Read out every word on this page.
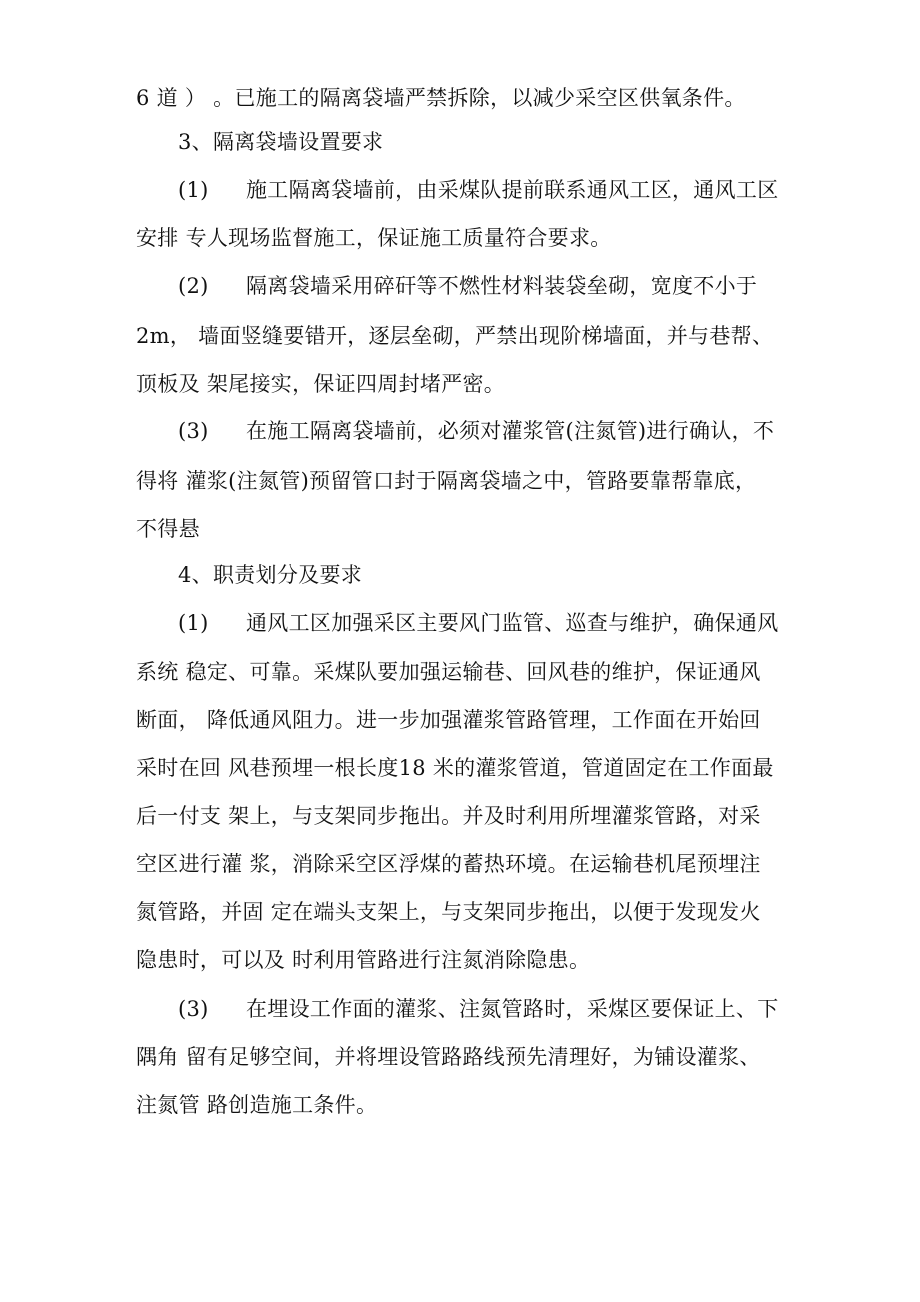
6 道 ） 。已施工的隔离袋墙严禁拆除，以减少采空区供氧条件。
3、隔离袋墙设置要求
(1) 施工隔离袋墙前，由采煤队提前联系通风工区，通风工区
安排 专人现场监督施工，保证施工质量符合要求。
(2) 隔离袋墙采用碎矸等不燃性材料装袋垒砌，宽度不小于
2m， 墙面竖缝要错开，逐层垒砌，严禁出现阶梯墙面，并与巷帮、
顶板及 架尾接实，保证四周封堵严密。
(3) 在施工隔离袋墙前，必须对灌浆管(注氮管)进行确认，不
得将 灌浆(注氮管)预留管口封于隔离袋墙之中，管路要靠帮靠底，
不得悬
4、职责划分及要求
(1) 通风工区加强采区主要风门监管、巡查与维护，确保通风
系统 稳定、可靠。采煤队要加强运输巷、回风巷的维护，保证通风
断面， 降低通风阻力。进一步加强灌浆管路管理，工作面在开始回
采时在回 风巷预埋一根长度18 米的灌浆管道，管道固定在工作面最
后一付支 架上，与支架同步拖出。并及时利用所埋灌浆管路，对采
空区进行灌 浆，消除采空区浮煤的蓄热环境。在运输巷机尾预埋注
氮管路，并固 定在端头支架上，与支架同步拖出，以便于发现发火
隐患时，可以及 时利用管路进行注氮消除隐患。
(3) 在埋设工作面的灌浆、注氮管路时，采煤区要保证上、下
隅角 留有足够空间，并将埋设管路路线预先清理好，为铺设灌浆、
注氮管 路创造施工条件。
